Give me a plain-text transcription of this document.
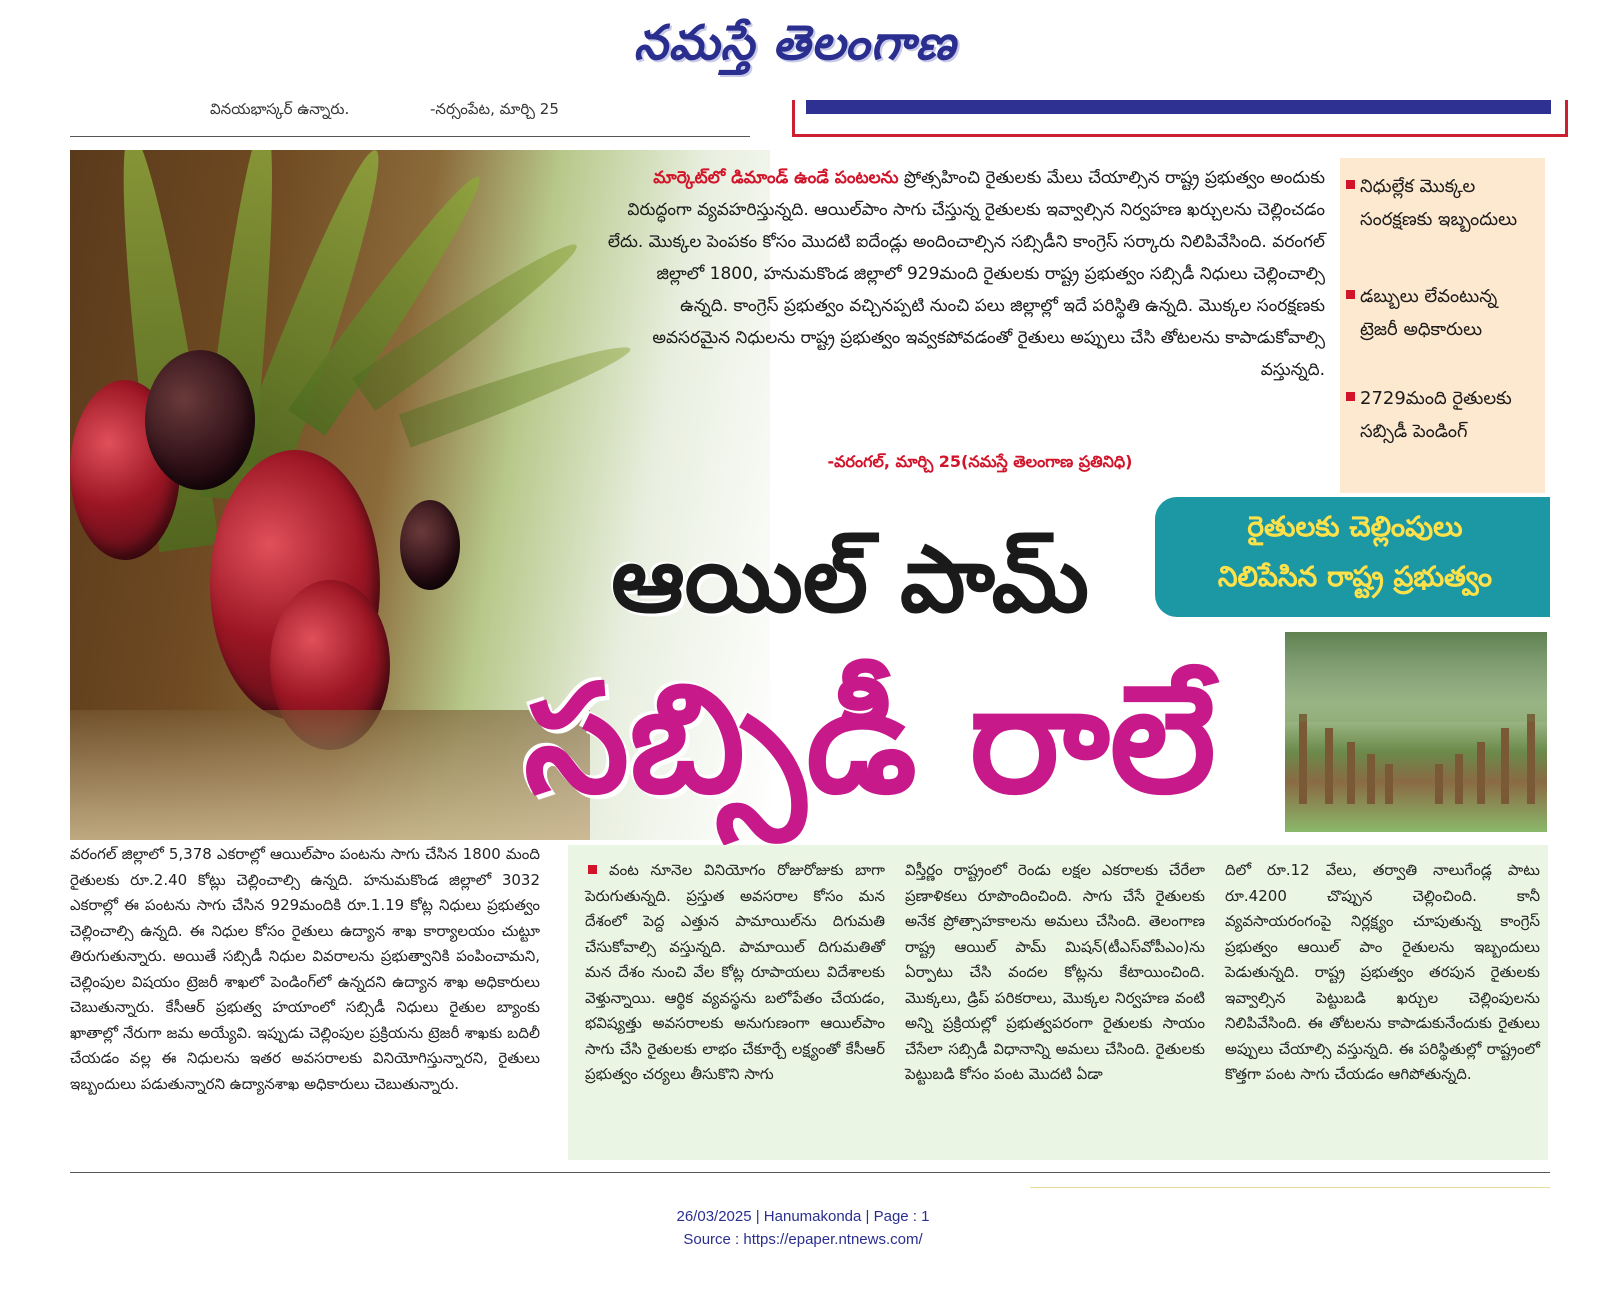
నమస్తే తెలంగాణ
వినయభాస్కర్ ఉన్నారు.	-నర్సంపేట, మార్చి 25
మార్కెట్‌లో డిమాండ్ ఉండే పంటలను ప్రోత్సహించి రైతులకు మేలు చేయాల్సిన రాష్ట్ర ప్రభుత్వం అందుకు విరుద్ధంగా వ్యవహరిస్తున్నది. ఆయిల్‌పాం సాగు చేస్తున్న రైతులకు ఇవ్వాల్సిన నిర్వహణ ఖర్చులను చెల్లించడం లేదు. మొక్కల పెంపకం కోసం మొదటి ఐదేండ్లు అందించాల్సిన సబ్సిడీని కాంగ్రెస్ సర్కారు నిలిపివేసింది. వరంగల్ జిల్లాలో 1800, హనుమకొండ జిల్లాలో 929మంది రైతులకు రాష్ట్ర ప్రభుత్వం సబ్సిడీ నిధులు చెల్లించాల్సి ఉన్నది. కాంగ్రెస్ ప్రభుత్వం వచ్చినప్పటి నుంచి పలు జిల్లాల్లో ఇదే పరిస్థితి ఉన్నది. మొక్కల సంరక్షణకు అవసరమైన నిధులను రాష్ట్ర ప్రభుత్వం ఇవ్వకపోవడంతో రైతులు అప్పులు చేసి తోటలను కాపాడుకోవాల్సి వస్తున్నది.
-వరంగల్, మార్చి 25(నమస్తే తెలంగాణ ప్రతినిధి)
నిధుల్లేక మొక్కల సంరక్షణకు ఇబ్బందులు
డబ్బులు లేవంటున్న ట్రెజరీ అధికారులు
2729మంది రైతులకు సబ్సిడీ పెండింగ్
రైతులకు చెల్లింపులు
నిలిపేసిన రాష్ట్ర ప్రభుత్వం
ఆయిల్ పామ్
సబ్సిడీ రాలే
వరంగల్ జిల్లాలో 5,378 ఎకరాల్లో ఆయిల్‌పాం పంటను సాగు చేసిన 1800 మంది రైతులకు రూ.2.40 కోట్లు చెల్లించాల్సి ఉన్నది. హనుమకొండ జిల్లాలో 3032 ఎకరాల్లో ఈ పంటను సాగు చేసిన 929మందికి రూ.1.19 కోట్ల నిధులు ప్రభుత్వం చెల్లించాల్సి ఉన్నది. ఈ నిధుల కోసం రైతులు ఉద్యాన శాఖ కార్యాలయం చుట్టూ తిరుగుతున్నారు. అయితే సబ్సిడీ నిధుల వివరాలను ప్రభుత్వానికి పంపించామని, చెల్లింపుల విషయం ట్రెజరీ శాఖలో పెండింగ్‌లో ఉన్నదని ఉద్యాన శాఖ అధికారులు చెబుతున్నారు. కేసీఆర్ ప్రభుత్వ హయాంలో సబ్సిడీ నిధులు రైతుల బ్యాంకు ఖాతాల్లో నేరుగా జమ అయ్యేవి. ఇప్పుడు చెల్లింపుల ప్రక్రియను ట్రెజరీ శాఖకు బదిలీ చేయడం వల్ల ఈ నిధులను ఇతర అవసరాలకు వినియోగిస్తున్నారని, రైతులు ఇబ్బందులు పడుతున్నారని ఉద్యానశాఖ అధికారులు చెబుతున్నారు.
వంట నూనెల వినియోగం రోజురోజుకు బాగా పెరుగుతున్నది. ప్రస్తుత అవసరాల కోసం మన దేశంలో పెద్ద ఎత్తున పామాయిల్‌ను దిగుమతి చేసుకోవాల్సి వస్తున్నది. పామాయిల్ దిగుమతితో మన దేశం నుంచి వేల కోట్ల రూపాయలు విదేశాలకు వెళ్తున్నాయి. ఆర్థిక వ్యవస్థను బలోపేతం చేయడం, భవిష్యత్తు అవసరాలకు అనుగుణంగా ఆయిల్‌పాం సాగు చేసి రైతులకు లాభం చేకూర్చే లక్ష్యంతో కేసీఆర్ ప్రభుత్వం చర్యలు తీసుకొని సాగు
విస్తీర్ణం రాష్ట్రంలో రెండు లక్షల ఎకరాలకు చేరేలా ప్రణాళికలు రూపొందించింది. సాగు చేసే రైతులకు అనేక ప్రోత్సాహకాలను అమలు చేసింది. తెలంగాణ రాష్ట్ర ఆయిల్ పామ్ మిషన్(టీఎస్‌వోపీఎం)ను ఏర్పాటు చేసి వందల కోట్లను కేటాయించింది. మొక్కలు, డ్రిప్ పరికరాలు, మొక్కల నిర్వహణ వంటి అన్ని ప్రక్రియల్లో ప్రభుత్వపరంగా రైతులకు సాయం చేసేలా సబ్సిడీ విధానాన్ని అమలు చేసింది. రైతులకు పెట్టుబడి కోసం పంట మొదటి ఏడా
దిలో రూ.12 వేలు, తర్వాతి నాలుగేండ్ల పాటు రూ.4200 చొప్పున చెల్లించింది. కానీ వ్యవసాయరంగంపై నిర్లక్ష్యం చూపుతున్న కాంగ్రెస్ ప్రభుత్వం ఆయిల్ పాం రైతులను ఇబ్బందులు పెడుతున్నది. రాష్ట్ర ప్రభుత్వం తరపున రైతులకు ఇవ్వాల్సిన పెట్టుబడి ఖర్చుల చెల్లింపులను నిలిపివేసింది. ఈ తోటలను కాపాడుకునేందుకు రైతులు అప్పులు చేయాల్సి వస్తున్నది. ఈ పరిస్థితుల్లో రాష్ట్రంలో కొత్తగా పంట సాగు చేయడం ఆగిపోతున్నది.
26/03/2025 | Hanumakonda | Page : 1
Source : https://epaper.ntnews.com/
